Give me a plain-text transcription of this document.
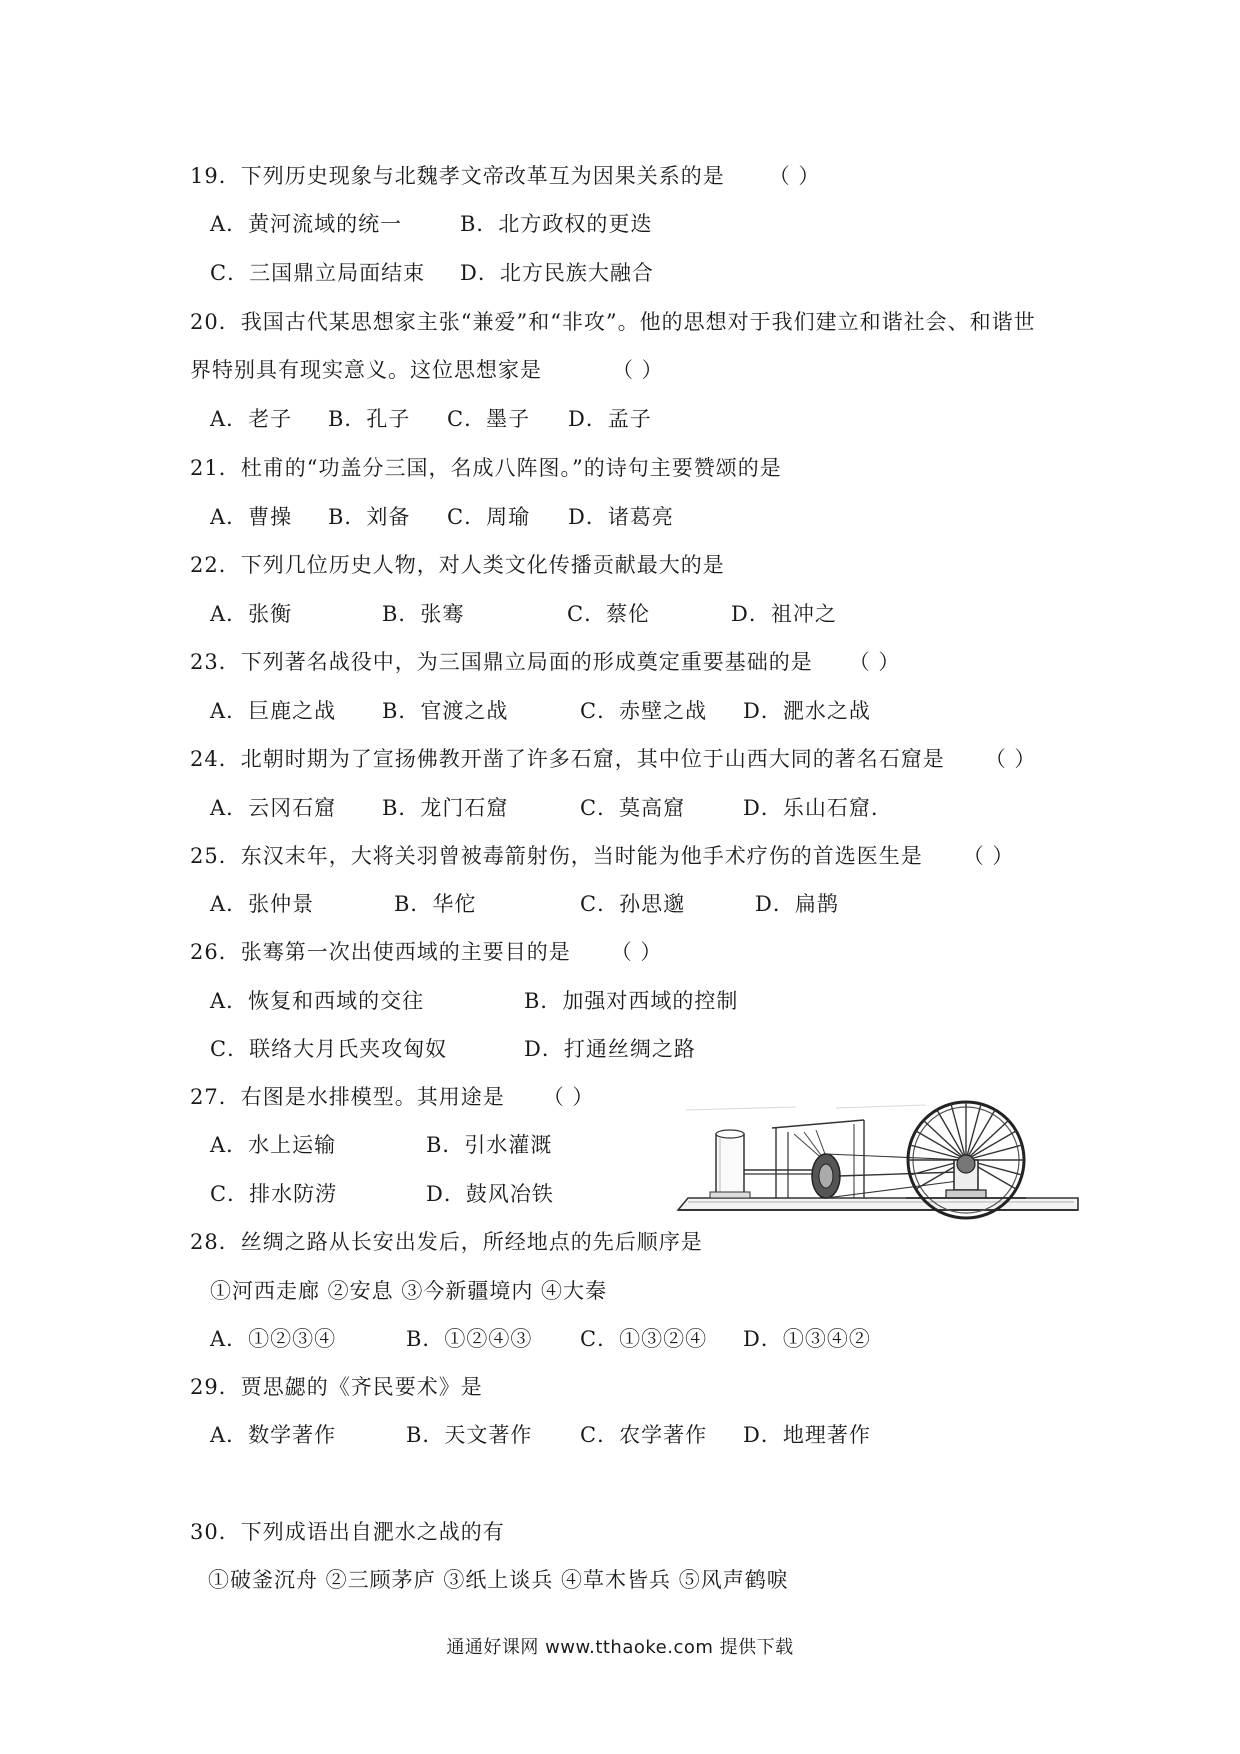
19．下列历史现象与北魏孝文帝改革互为因果关系的是 （ ）
A．黄河流域的统一	B．北方政权的更迭
C．三国鼎立局面结束 D．北方民族大融合
20．我国古代某思想家主张“兼爱”和“非攻”。他的思想对于我们建立和谐社会、和谐世
界特别具有现实意义。这位思想家是	（ ）
A．老子 B．孔子 C．墨子 D．孟子
21．杜甫的“功盖分三国，名成八阵图。”的诗句主要赞颂的是
A．曹操 B．刘备 C．周瑜 D．诸葛亮
22．下列几位历史人物，对人类文化传播贡献最大的是
A．张衡	B．张骞	C．蔡伦	D．祖冲之
23．下列著名战役中，为三国鼎立局面的形成奠定重要基础的是 （ ）
A．巨鹿之战 B．官渡之战	C．赤壁之战 D．淝水之战
24．北朝时期为了宣扬佛教开凿了许多石窟，其中位于山西大同的著名石窟是 （ ）
A．云冈石窟 B．龙门石窟	C．莫高窟	D．乐山石窟.
25．东汉末年，大将关羽曾被毒箭射伤，当时能为他手术疗伤的首选医生是 （ ）
A．张仲景	B．华佗	C．孙思邈	D．扁鹊
26．张骞第一次出使西域的主要目的是 （ ）
A．恢复和西域的交往	B．加强对西域的控制
C．联络大月氏夹攻匈奴	D．打通丝绸之路
27．右图是水排模型。其用途是 （ ）
A．水上运输	B．引水灌溉
C．排水防涝	D．鼓风冶铁
28．丝绸之路从长安出发后，所经地点的先后顺序是
①河西走廊 ②安息 ③今新疆境内 ④大秦
A．①②③④	B．①②④③ C．①③②④ D．①③④②
29．贾思勰的《齐民要术》是
A．数学著作	B．天文著作 C．农学著作 D．地理著作
30．下列成语出自淝水之战的有
①破釜沉舟 ②三顾茅庐 ③纸上谈兵 ④草木皆兵 ⑤风声鹤唳
通通好课网 www.tthaoke.com 提供下载
